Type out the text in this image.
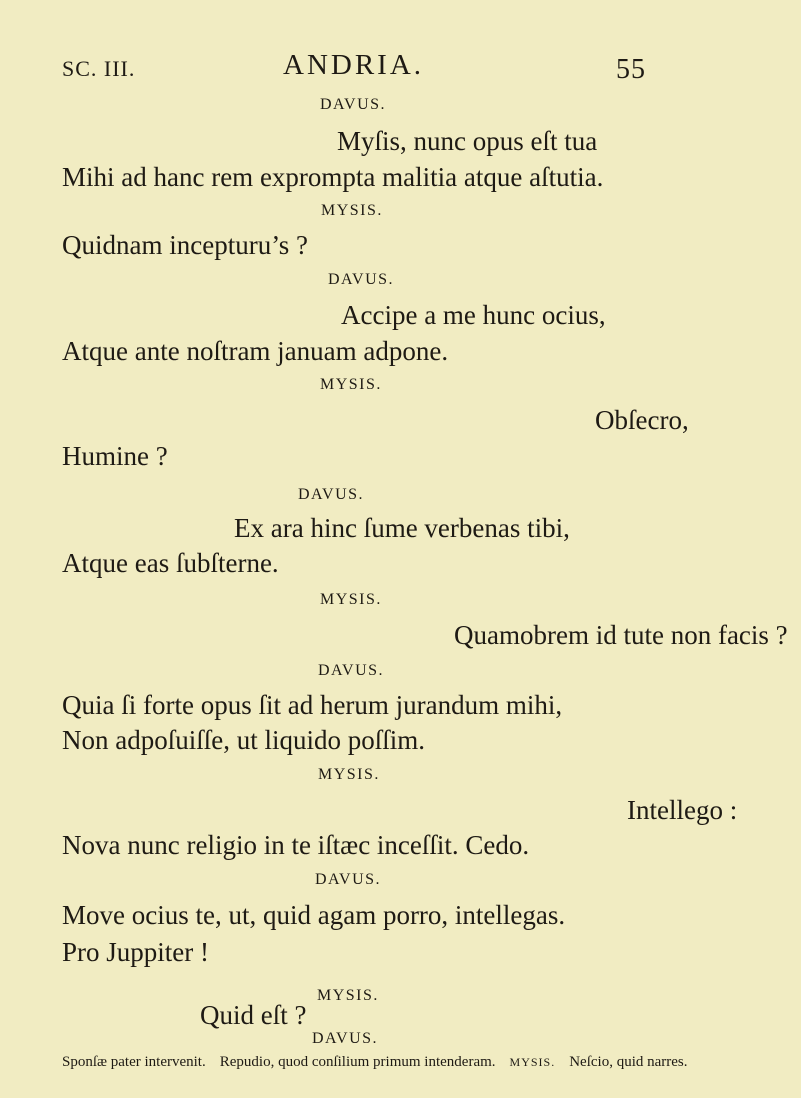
SC. III.	ANDRIA.	55
DAVUS.
Myſis, nunc opus eſt tua
Mihi ad hanc rem exprompta malitia atque aſtutia.
MYSIS.
Quidnam incepturu’s ?
DAVUS.
Accipe a me hunc ocius,
Atque ante noſtram januam adpone.
MYSIS.
Obſecro,
Humine ?
DAVUS.
Ex ara hinc ſume verbenas tibi,
Atque eas ſubſterne.
MYSIS.
Quamobrem id tute non facis ?
DAVUS.
Quia ſi forte opus ſit ad herum jurandum mihi,
Non adpoſuiſſe, ut liquido poſſim.
MYSIS.
Intellego :
Nova nunc religio in te iſtæc inceſſit. Cedo.
DAVUS.
Move ocius te, ut, quid agam porro, intellegas.
Pro Juppiter !
MYSIS.
Quid eſt ?
DAVUS.
Sponſæ pater intervenit. Repudio, quod conſilium primum intenderam. MYSIS. Neſcio, quid narres.
